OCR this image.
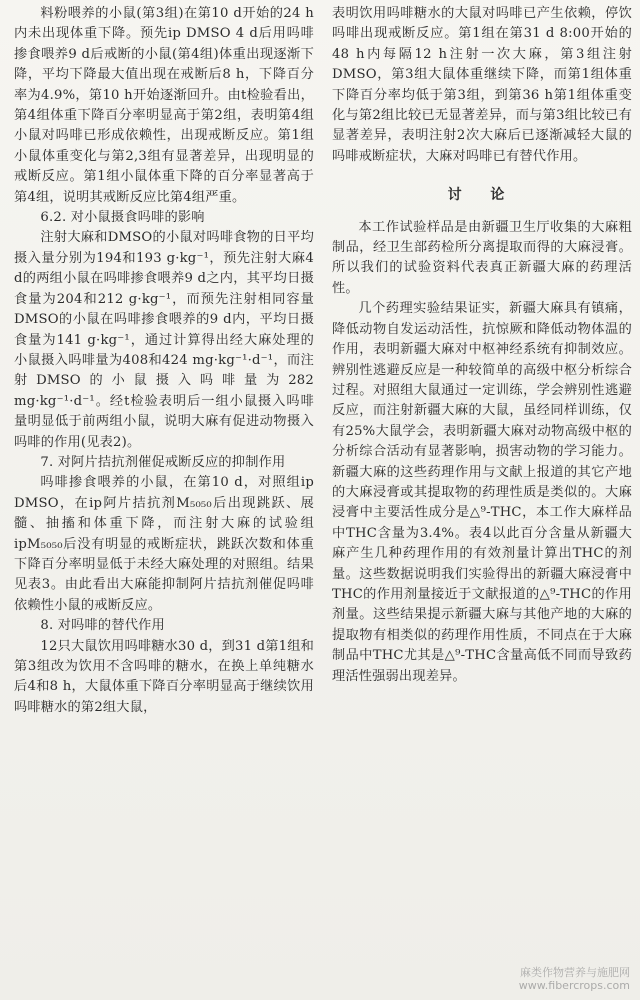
料粉喂养的小鼠(第3组)在第10 d开始的24 h内未出现体重下降。预先ip DMSO 4 d后用吗啡掺食喂养9 d后戒断的小鼠(第4组)体重出现逐渐下降，平均下降最大值出现在戒断后8 h，下降百分率为4.9%，第10 h开始逐渐回升。由t检验看出，第4组体重下降百分率明显高于第2组，表明第4组小鼠对吗啡已形成依赖性，出现戒断反应。第1组小鼠体重变化与第2,3组有显著差异，出现明显的戒断反应。第1组小鼠体重下降的百分率显著高于第4组，说明其戒断反应比第4组严重。

6.2. 对小鼠摄食吗啡的影响

注射大麻和DMSO的小鼠对吗啡食物的日平均摄入量分别为194和193 g·kg⁻¹，预先注射大麻4 d的两组小鼠在吗啡掺食喂养9 d之内，其平均日摄食量为204和212 g·kg⁻¹，而预先注射相同容量DMSO的小鼠在吗啡掺食喂养的9 d内，平均日摄食量为141 g·kg⁻¹，通过计算得出经大麻处理的小鼠摄入吗啡量为408和424 mg·kg⁻¹·d⁻¹，而注射DMSO的小鼠摄入吗啡量为282 mg·kg⁻¹·d⁻¹。经t检验表明后一组小鼠摄入吗啡量明显低于前两组小鼠，说明大麻有促进动物摄入吗啡的作用(见表2)。

7. 对阿片拮抗剂催促戒断反应的抑制作用

吗啡掺食喂养的小鼠，在第10 d，对照组ip DMSO，在ip阿片拮抗剂M₅₀₅₀后出现跳跃、展髓、抽搐和体重下降，而注射大麻的试验组ipM₅₀₅₀后没有明显的戒断症状，跳跃次数和体重下降百分率明显低于未经大麻处理的对照组。结果见表3。由此看出大麻能抑制阿片拮抗剂催促吗啡依赖性小鼠的戒断反应。

8. 对吗啡的替代作用

12只大鼠饮用吗啡糖水30 d，到31 d第1组和第3组改为饮用不含吗啡的糖水，在换上单纯糖水后4和8 h，大鼠体重下降百分率明显高于继续饮用吗啡糖水的第2组大鼠，

表明饮用吗啡糖水的大鼠对吗啡已产生依赖，停饮吗啡出现戒断反应。第1组在第31 d 8:00开始的48 h内每隔12 h注射一次大麻，第3组注射DMSO，第3组大鼠体重继续下降，而第1组体重下降百分率均低于第3组，到第36 h第1组体重变化与第2组比较已无显著差异，而与第3组比较已有显著差异，表明注射2次大麻后已逐渐减轻大鼠的吗啡戒断症状，大麻对吗啡已有替代作用。

讨 论

本工作试验样品是由新疆卫生厅收集的大麻粗制品，经卫生部药检所分离提取而得的大麻浸膏。所以我们的试验资料代表真正新疆大麻的药理活性。

几个药理实验结果证实，新疆大麻具有镇痛，降低动物自发运动活性，抗惊厥和降低动物体温的作用，表明新疆大麻对中枢神经系统有抑制效应。辨别性逃避反应是一种较简单的高级中枢分析综合过程。对照组大鼠通过一定训练，学会辨别性逃避反应，而注射新疆大麻的大鼠，虽经同样训练，仅有25%大鼠学会，表明新疆大麻对动物高级中枢的分析综合活动有显著影响，损害动物的学习能力。新疆大麻的这些药理作用与文献上报道的其它产地的大麻浸膏或其提取物的药理性质是类似的。大麻浸膏中主要活性成分是△⁹-THC，本工作大麻样品中THC含量为3.4%。表4以此百分含量从新疆大麻产生几种药理作用的有效剂量计算出THC的剂量。这些数据说明我们实验得出的新疆大麻浸膏中THC的作用剂量接近于文献报道的△⁹-THC的作用剂量。这些结果提示新疆大麻与其他产地的大麻的提取物有相类似的药理作用性质，不同点在于大麻制品中THC尤其是△⁹-THC含量高低不同而导致药理活性强弱出现差异。

麻类作物营养与施肥网
www.fibercrops.com
